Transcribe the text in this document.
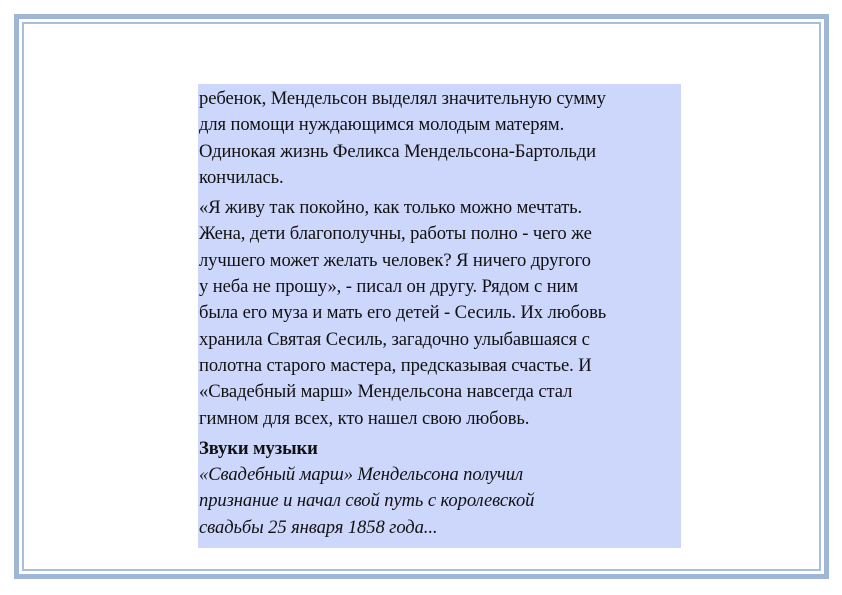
ребенок, Мендельсон выделял значительную сумму
для помощи нуждающимся молодым матерям.
Одинокая жизнь Феликса Мендельсона-Бартольди
кончилась.

«Я живу так покойно, как только можно мечтать.
Жена, дети благополучны, работы полно - чего же
лучшего может желать человек? Я ничего другого
у неба не прошу», - писал он другу. Рядом с ним
была его муза и мать его детей - Сесиль. Их любовь
хранила Святая Сесиль, загадочно улыбавшаяся с
полотна старого мастера, предсказывая счастье. И
«Свадебный марш» Мендельсона навсегда стал
гимном для всех, кто нашел свою любовь.

Звуки музыки

«Свадебный марш» Мендельсона получил
признание и начал свой путь с королевской
свадьбы 25 января 1858 года...
